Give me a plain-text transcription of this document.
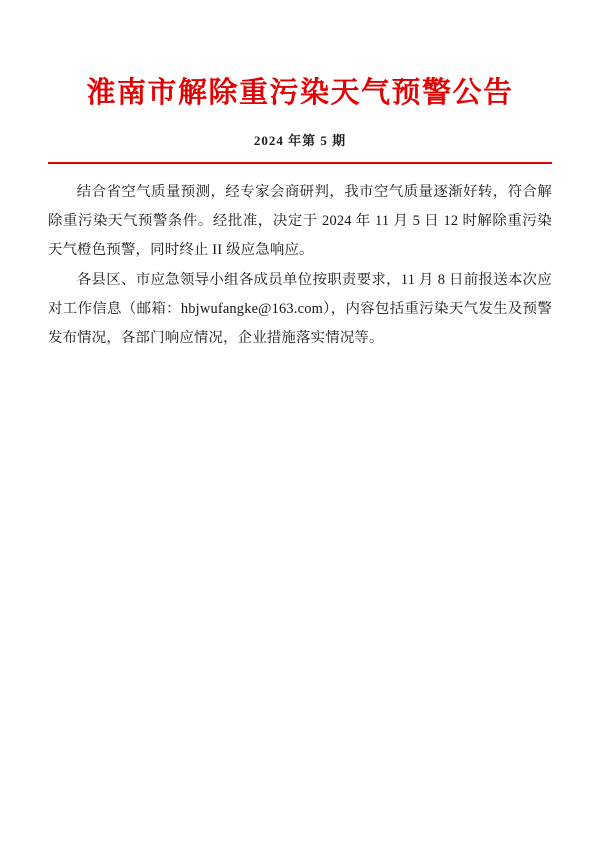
淮南市解除重污染天气预警公告
2024 年第 5 期

结合省空气质量预测，经专家会商研判，我市空气质量逐渐好转，符合解除重污染天气预警条件。经批准，决定于 2024 年 11 月 5 日 12 时解除重污染天气橙色预警，同时终止 II 级应急响应。

各县区、市应急领导小组各成员单位按职责要求，11 月 8 日前报送本次应对工作信息（邮箱：hbjwufangke@163.com），内容包括重污染天气发生及预警发布情况，各部门响应情况，企业措施落实情况等。
